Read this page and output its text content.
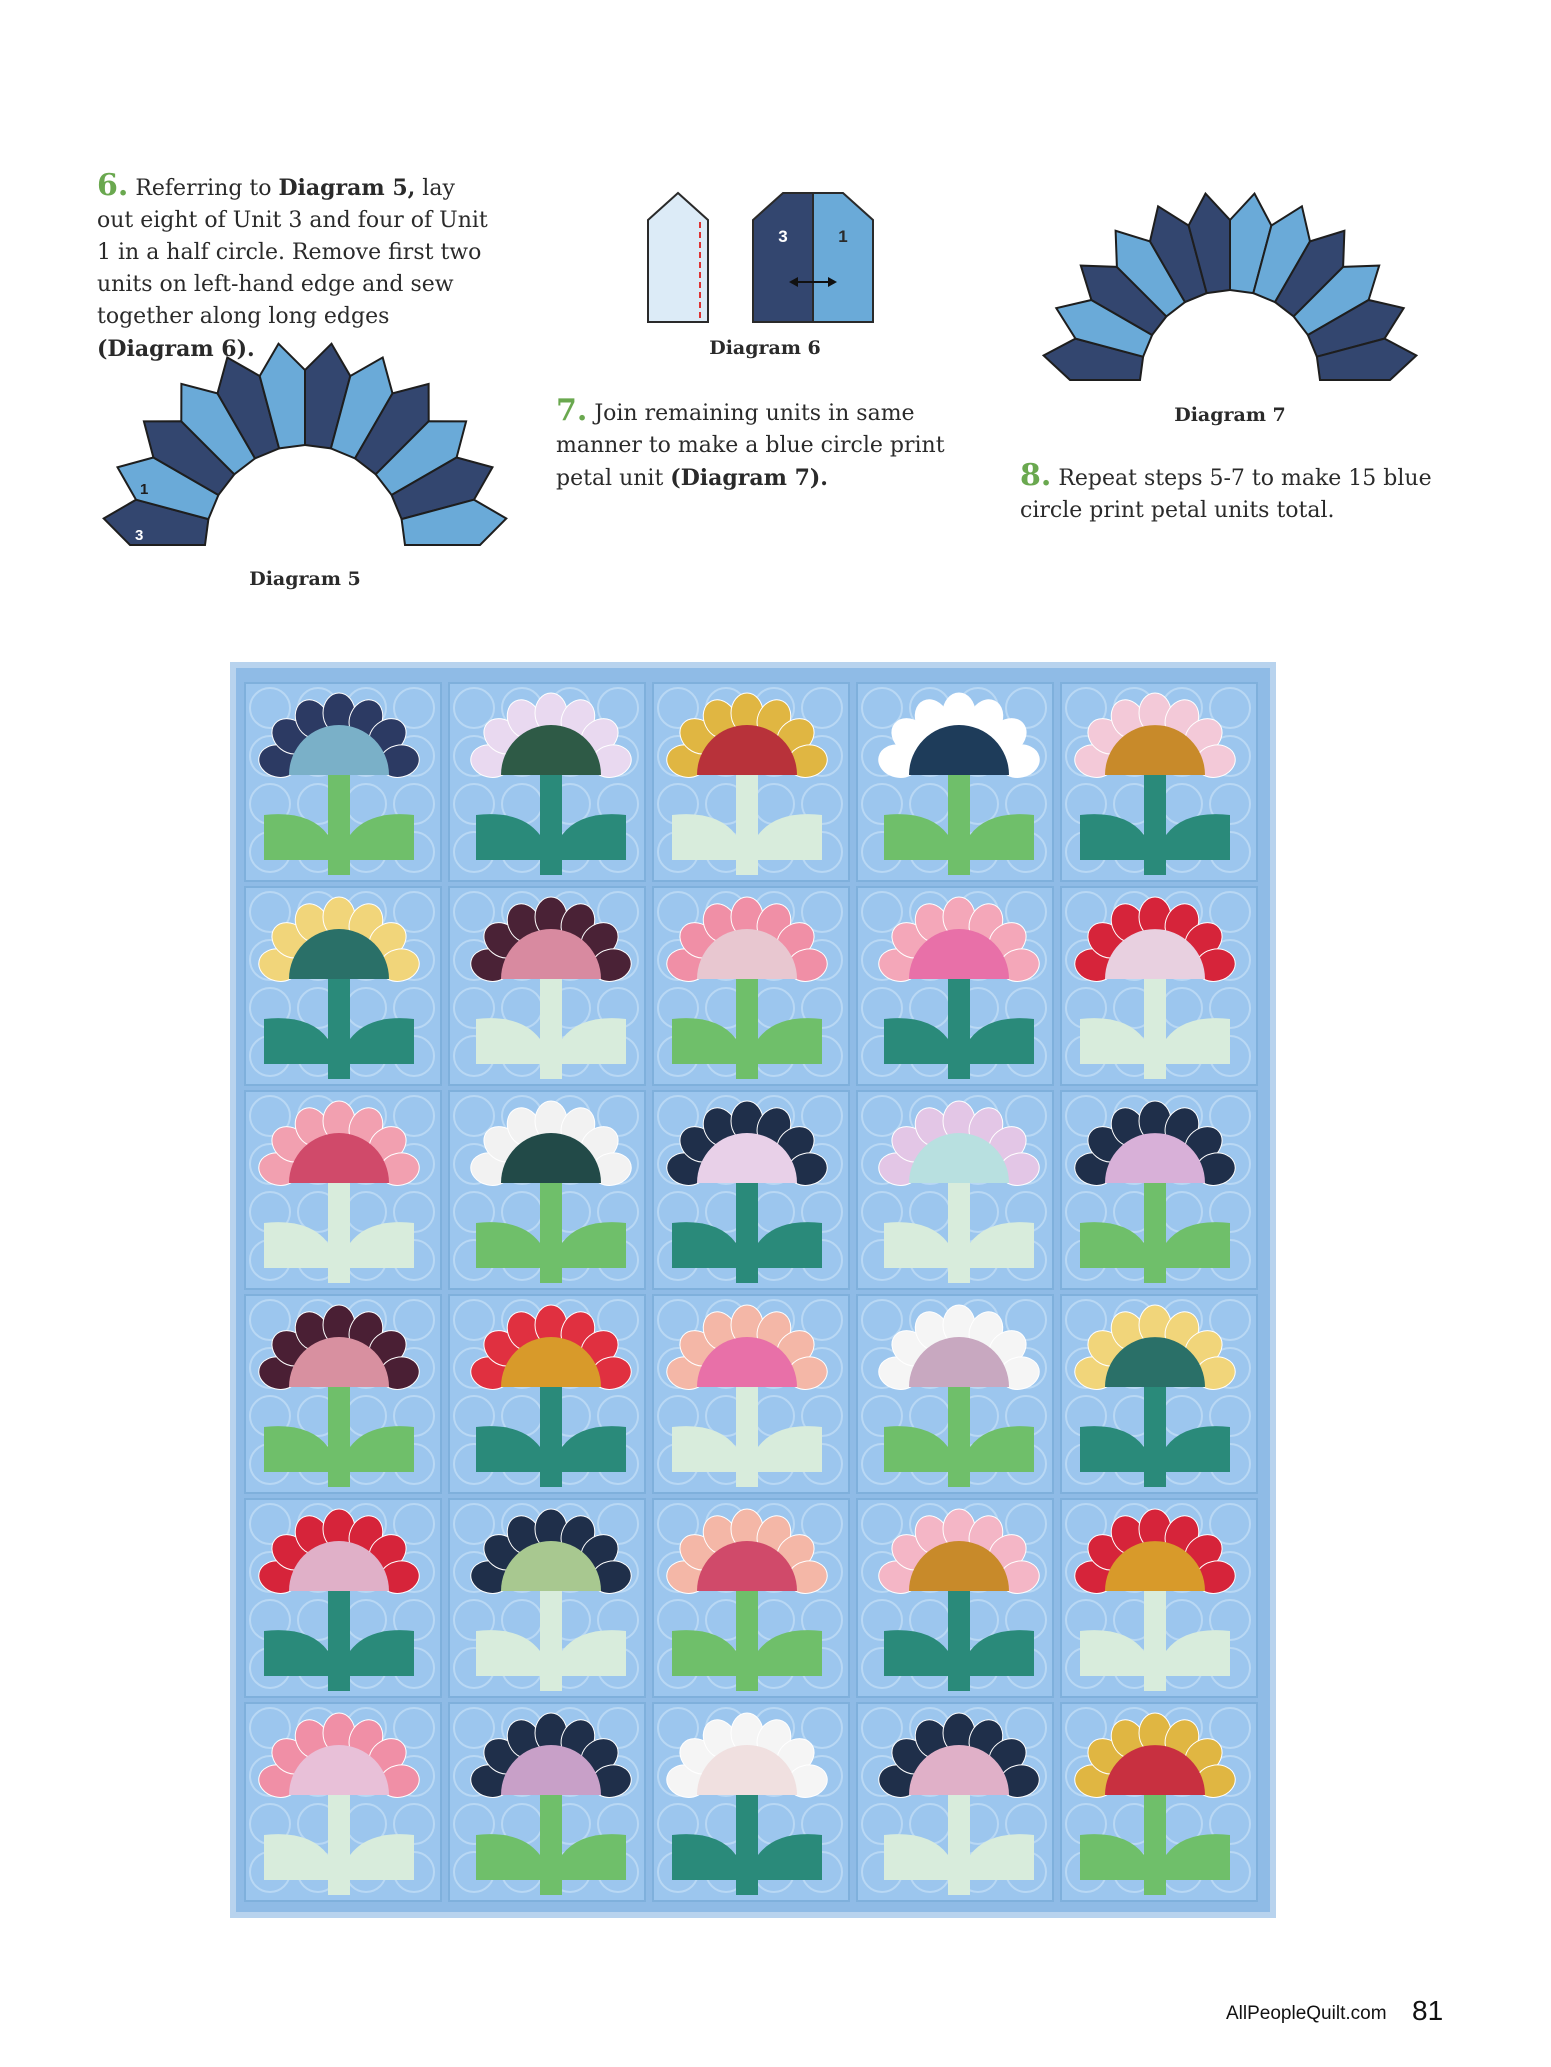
6. Referring to Diagram 5, lay out eight of Unit 3 and four of Unit 1 in a half circle. Remove first two units on left-hand edge and sew together along long edges (Diagram 6).
3
1
Diagram 5
3	1
Diagram 6
7. Join remaining units in same manner to make a blue circle print petal unit (Diagram 7).
Diagram 7
8. Repeat steps 5-7 to make 15 blue circle print petal units total.
AllPeopleQuilt.com 81
